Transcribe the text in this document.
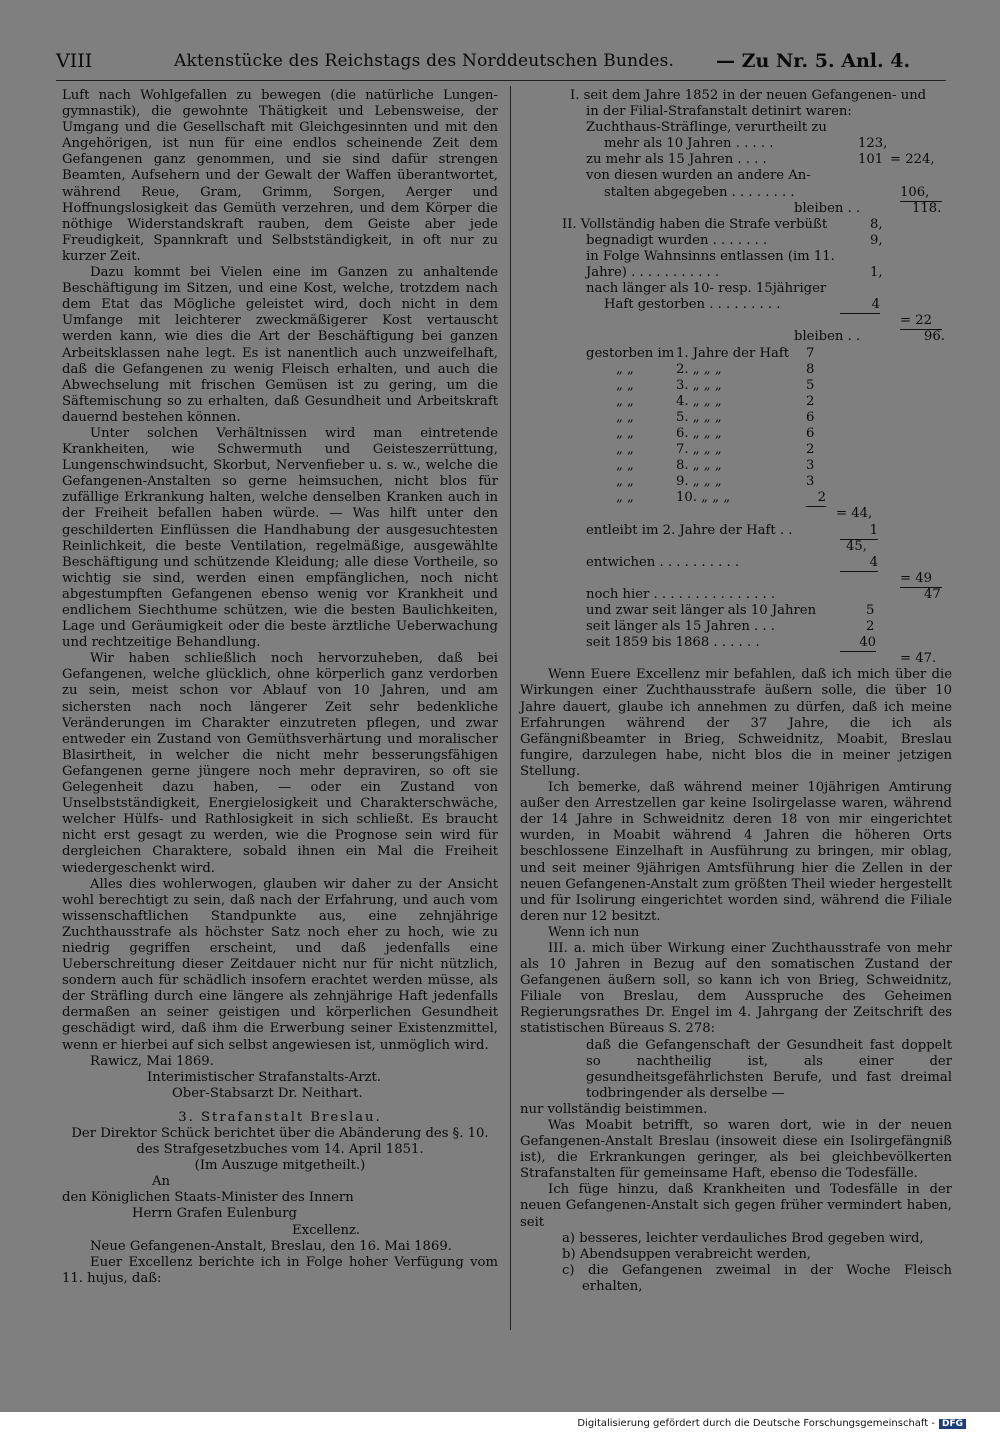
VIII	Aktenstücke des Reichstags des Norddeutschen Bundes. — Zu Nr. 5. Anl. 4.

Luft nach Wohlgefallen zu bewegen (die natürliche Lungen-gymnastik), die gewohnte Thätigkeit und Lebensweise, der Umgang und die Gesellschaft mit Gleichgesinnten und mit den Angehörigen, ist nun für eine endlos scheinende Zeit dem Gefangenen ganz genommen, und sie sind dafür strengen Beamten, Aufsehern und der Gewalt der Waffen überantwortet, während Reue, Gram, Grimm, Sorgen, Aerger und Hoffnungslosigkeit das Gemüth verzehren, und dem Körper die nöthige Widerstandskraft rauben, dem Geiste aber jede Freudigkeit, Spannkraft und Selbstständigkeit, in oft nur zu kurzer Zeit.

Dazu kommt bei Vielen eine im Ganzen zu anhaltende Beschäftigung im Sitzen, und eine Kost, welche, trotzdem nach dem Etat das Mögliche geleistet wird, doch nicht in dem Umfange mit leichterer zweckmäßigerer Kost vertauscht werden kann, wie dies die Art der Beschäftigung bei ganzen Arbeitsklassen nahe legt. Es ist nanentlich auch unzweifelhaft, daß die Gefangenen zu wenig Fleisch erhalten, und auch die Abwechselung mit frischen Gemüsen ist zu gering, um die Säftemischung so zu erhalten, daß Gesundheit und Arbeitskraft dauernd bestehen können.

Unter solchen Verhältnissen wird man eintretende Krankheiten, wie Schwermuth und Geisteszerrüttung, Lungenschwindsucht, Skorbut, Nervenfieber u. s. w., welche die Gefangenen-Anstalten so gerne heimsuchen, nicht blos für zufällige Erkrankung halten, welche denselben Kranken auch in der Freiheit befallen haben würde. — Was hilft unter den geschilderten Einflüssen die Handhabung der ausgesuchtesten Reinlichkeit, die beste Ventilation, regelmäßige, ausgewählte Beschäftigung und schützende Kleidung; alle diese Vortheile, so wichtig sie sind, werden einen empfänglichen, noch nicht abgestumpften Gefangenen ebenso wenig vor Krankheit und endlichem Siechthume schützen, wie die besten Baulichkeiten, Lage und Geräumigkeit oder die beste ärztliche Ueberwachung und rechtzeitige Behandlung.

Wir haben schließlich noch hervorzuheben, daß bei Gefangenen, welche glücklich, ohne körperlich ganz verdorben zu sein, meist schon vor Ablauf von 10 Jahren, und am sichersten nach noch längerer Zeit sehr bedenkliche Veränderungen im Charakter einzutreten pflegen, und zwar entweder ein Zustand von Gemüthsverhärtung und moralischer Blasirtheit, in welcher die nicht mehr besserungsfähigen Gefangenen gerne jüngere noch mehr depraviren, so oft sie Gelegenheit dazu haben, — oder ein Zustand von Unselbstständigkeit, Energielosigkeit und Charakterschwäche, welcher Hülfs- und Rathlosigkeit in sich schließt. Es braucht nicht erst gesagt zu werden, wie die Prognose sein wird für dergleichen Charaktere, sobald ihnen ein Mal die Freiheit wiedergeschenkt wird.

Alles dies wohlerwogen, glauben wir daher zu der Ansicht wohl berechtigt zu sein, daß nach der Erfahrung, und auch vom wissenschaftlichen Standpunkte aus, eine zehnjährige Zuchthausstrafe als höchster Satz noch eher zu hoch, wie zu niedrig gegriffen erscheint, und daß jedenfalls eine Ueberschreitung dieser Zeitdauer nicht nur für nicht nützlich, sondern auch für schädlich insofern erachtet werden müsse, als der Sträfling durch eine längere als zehnjährige Haft jedenfalls dermaßen an seiner geistigen und körperlichen Gesundheit geschädigt wird, daß ihm die Erwerbung seiner Existenzmittel, wenn er hierbei auf sich selbst angewiesen ist, unmöglich wird.

Rawicz, Mai 1869.

Interimistischer Strafanstalts-Arzt.

Ober-Stabsarzt Dr. Neithart.

3. Strafanstalt Breslau.

Der Direktor Schück berichtet über die Abänderung des §. 10.

des Strafgesetzbuches vom 14. April 1851.

(Im Auszuge mitgetheilt.)

An

den Königlichen Staats-Minister des Innern

Herrn Grafen Eulenburg

Excellenz.

Neue Gefangenen-Anstalt, Breslau, den 16. Mai 1869.

Euer Excellenz berichte ich in Folge hoher Verfügung vom 11. hujus, daß:

I. seit dem Jahre 1852 in der neuen Gefangenen- und
in der Filial-Strafanstalt detinirt waren:
Zuchthaus-Sträflinge, verurtheilt zu
mehr als 10 Jahren . . . . .	123,
zu mehr als 15 Jahren . . . .	101 = 224,
von diesen wurden an andere An-
stalten abgegeben . . . . . . . .	106,
bleiben . .	118.
II. Vollständig haben die Strafe verbüßt	8,
begnadigt wurden . . . . . . .	9,
in Folge Wahnsinns entlassen (im 11.
Jahre) . . . . . . . . . . .	1,
nach länger als 10- resp. 15jähriger
Haft gestorben . . . . . . . . .	4
= 22
bleiben . .	96.
gestorben im 1. Jahre der Haft 7
„ „	2. „ „ „	8
„ „	3. „ „ „	5
„ „	4. „ „ „	2
„ „	5. „ „ „	6
„ „	6. „ „ „	6
„ „	7. „ „ „	2
„ „	8. „ „ „	3
„ „	9. „ „ „	3
„ „	10. „ „ „	2
= 44,
entleibt im 2. Jahre der Haft . .	1
45,
entwichen . . . . . . . . . .	4
= 49
noch hier . . . . . . . . . . . . . . .	47
und zwar seit länger als 10 Jahren	5
seit länger als 15 Jahren . . .	2
seit 1859 bis 1868 . . . . . .	40
= 47.

Wenn Euere Excellenz mir befahlen, daß ich mich über die Wirkungen einer Zuchthausstrafe äußern solle, die über 10 Jahre dauert, glaube ich annehmen zu dürfen, daß ich meine Erfahrungen während der 37 Jahre, die ich als Gefängnißbeamter in Brieg, Schweidnitz, Moabit, Breslau fungire, darzulegen habe, nicht blos die in meiner jetzigen Stellung.

Ich bemerke, daß während meiner 10jährigen Amtirung außer den Arrestzellen gar keine Isolirgelasse waren, während der 14 Jahre in Schweidnitz deren 18 von mir eingerichtet wurden, in Moabit während 4 Jahren die höheren Orts beschlossene Einzelhaft in Ausführung zu bringen, mir oblag, und seit meiner 9jährigen Amtsführung hier die Zellen in der neuen Gefangenen-Anstalt zum größten Theil wieder hergestellt und für Isolirung eingerichtet worden sind, während die Filiale deren nur 12 besitzt.

Wenn ich nun

III. a. mich über Wirkung einer Zuchthausstrafe von mehr als 10 Jahren in Bezug auf den somatischen Zustand der Gefangenen äußern soll, so kann ich von Brieg, Schweidnitz, Filiale von Breslau, dem Ausspruche des Geheimen Regierungsrathes Dr. Engel im 4. Jahrgang der Zeitschrift des statistischen Büreaus S. 278:

daß die Gefangenschaft der Gesundheit fast doppelt so nachtheilig ist, als einer der gesundheitsgefährlichsten Berufe, und fast dreimal todbringender als derselbe —

nur vollständig beistimmen.

Was Moabit betrifft, so waren dort, wie in der neuen Gefangenen-Anstalt Breslau (insoweit diese ein Isolirgefängniß ist), die Erkrankungen geringer, als bei gleichbevölkerten Strafanstalten für gemeinsame Haft, ebenso die Todesfälle.

Ich füge hinzu, daß Krankheiten und Todesfälle in der neuen Gefangenen-Anstalt sich gegen früher vermindert haben, seit

a) besseres, leichter verdauliches Brod gegeben wird,

b) Abendsuppen verabreicht werden,

c) die Gefangenen zweimal in der Woche Fleisch erhalten,

Digitalisierung gefördert durch die Deutsche Forschungsgemeinschaft - DFG
